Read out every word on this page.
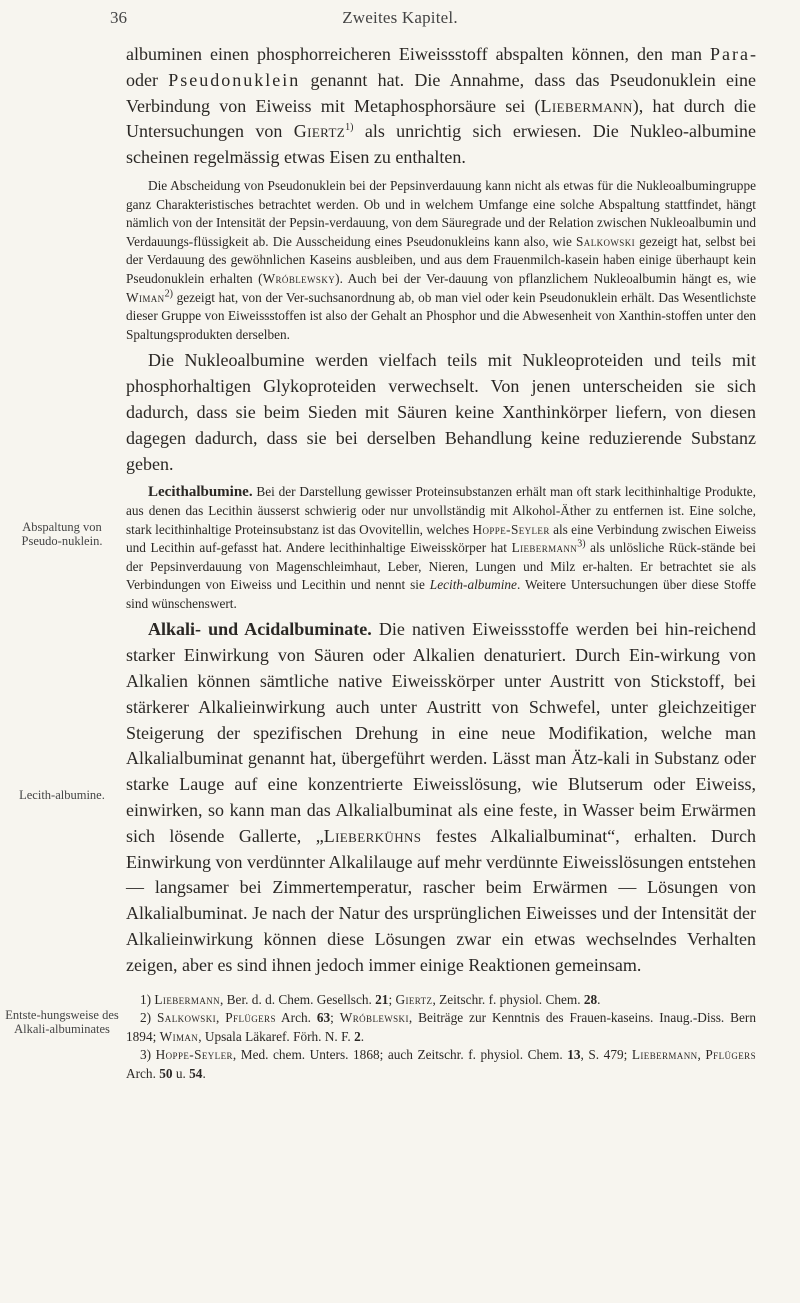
36	Zweites Kapitel.
Abspaltung von Pseudo-nuklein.
Lecith-albumine.
Entste-hungsweise des Alkali-albuminates

albuminen einen phosphorreicheren Eiweissstoff abspalten können, den man Para- oder Pseudonuklein genannt hat. Die Annahme, dass das Pseudonuklein eine Verbindung von Eiweiss mit Metaphosphorsäure sei (Liebermann), hat durch die Untersuchungen von Giertz$^{1)}$ als unrichtig sich erwiesen. Die Nukleo-albumine scheinen regelmässig etwas Eisen zu enthalten.

Die Abscheidung von Pseudonuklein bei der Pepsinverdauung kann nicht als etwas für die Nukleoalbumingruppe ganz Charakteristisches betrachtet werden. Ob und in welchem Umfange eine solche Abspaltung stattfindet, hängt nämlich von der Intensität der Pepsin-verdauung, von dem Säuregrade und der Relation zwischen Nukleoalbumin und Verdauungs-flüssigkeit ab. Die Ausscheidung eines Pseudonukleins kann also, wie Salkowski gezeigt hat, selbst bei der Verdauung des gewöhnlichen Kaseins ausbleiben, und aus dem Frauenmilch-kasein haben einige überhaupt kein Pseudonuklein erhalten (Wróblewsky). Auch bei der Ver-dauung von pflanzlichem Nukleoalbumin hängt es, wie Wiman$^{2)}$ gezeigt hat, von der Ver-suchsanordnung ab, ob man viel oder kein Pseudonuklein erhält. Das Wesentlichste dieser Gruppe von Eiweissstoffen ist also der Gehalt an Phosphor und die Abwesenheit von Xanthin-stoffen unter den Spaltungsprodukten derselben.

Die Nukleoalbumine werden vielfach teils mit Nukleoproteiden und teils mit phosphorhaltigen Glykoproteiden verwechselt. Von jenen unterscheiden sie sich dadurch, dass sie beim Sieden mit Säuren keine Xanthinkörper liefern, von diesen dagegen dadurch, dass sie bei derselben Behandlung keine reduzierende Substanz geben.

Lecithalbumine. Bei der Darstellung gewisser Proteinsubstanzen erhält man oft stark lecithinhaltige Produkte, aus denen das Lecithin äusserst schwierig oder nur unvollständig mit Alkohol-Äther zu entfernen ist. Eine solche, stark lecithinhaltige Proteinsubstanz ist das Ovovitellin, welches Hoppe-Seyler als eine Verbindung zwischen Eiweiss und Lecithin auf-gefasst hat. Andere lecithinhaltige Eiweisskörper hat Liebermann$^{3)}$ als unlösliche Rück-stände bei der Pepsinverdauung von Magenschleimhaut, Leber, Nieren, Lungen und Milz er-halten. Er betrachtet sie als Verbindungen von Eiweiss und Lecithin und nennt sie Lecith-albumine. Weitere Untersuchungen über diese Stoffe sind wünschenswert.

Alkali- und Acidalbuminate. Die nativen Eiweissstoffe werden bei hin-reichend starker Einwirkung von Säuren oder Alkalien denaturiert. Durch Ein-wirkung von Alkalien können sämtliche native Eiweisskörper unter Austritt von Stickstoff, bei stärkerer Alkalieinwirkung auch unter Austritt von Schwefel, unter gleichzeitiger Steigerung der spezifischen Drehung in eine neue Modifikation, welche man Alkalialbuminat genannt hat, übergeführt werden. Lässt man Ätz-kali in Substanz oder starke Lauge auf eine konzentrierte Eiweisslösung, wie Blutserum oder Eiweiss, einwirken, so kann man das Alkalialbuminat als eine feste, in Wasser beim Erwärmen sich lösende Gallerte, „Lieberkühns festes Alkalialbuminat“, erhalten. Durch Einwirkung von verdünnter Alkalilauge auf mehr verdünnte Eiweisslösungen entstehen — langsamer bei Zimmertemperatur, rascher beim Erwärmen — Lösungen von Alkalialbuminat. Je nach der Natur des ursprünglichen Eiweisses und der Intensität der Alkalieinwirkung können diese Lösungen zwar ein etwas wechselndes Verhalten zeigen, aber es sind ihnen jedoch immer einige Reaktionen gemeinsam.

1) Liebermann, Ber. d. d. Chem. Gesellsch. 21; Giertz, Zeitschr. f. physiol. Chem. 28.

2) Salkowski, Pflügers Arch. 63; Wróblewski, Beiträge zur Kenntnis des Frauen-kaseins. Inaug.-Diss. Bern 1894; Wiman, Upsala Läkaref. Förh. N. F. 2.

3) Hoppe-Seyler, Med. chem. Unters. 1868; auch Zeitschr. f. physiol. Chem. 13, S. 479; Liebermann, Pflügers Arch. 50 u. 54.
